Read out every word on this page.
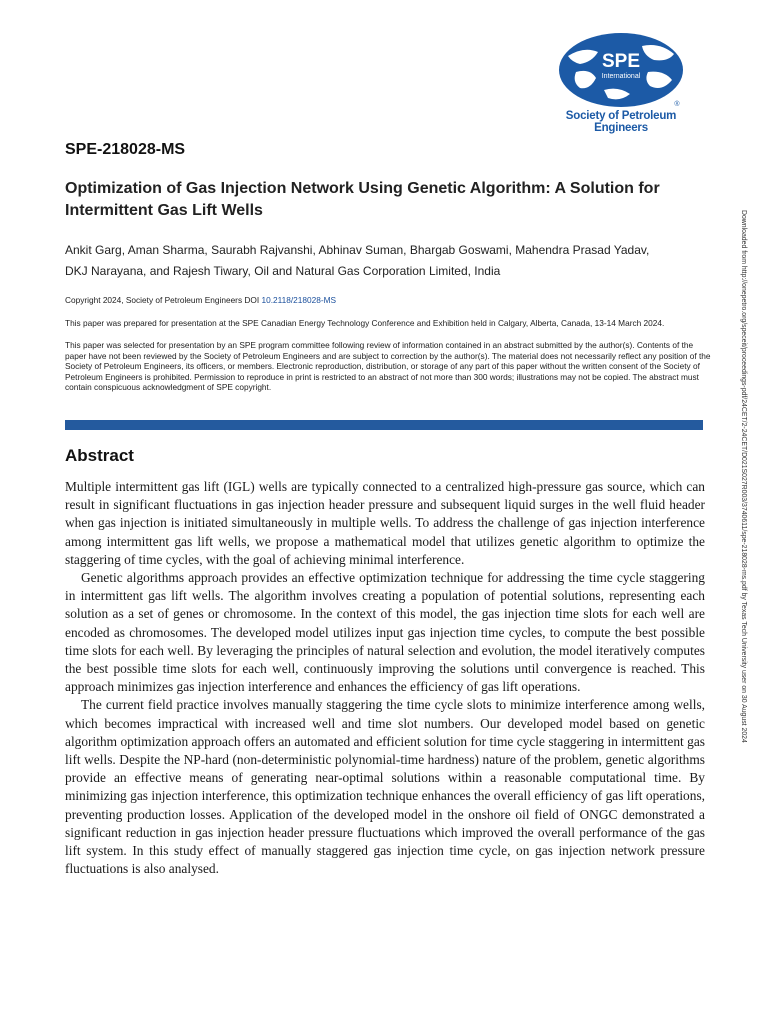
SPE
International
®
Society of Petroleum Engineers
SPE-218028-MS
Optimization of Gas Injection Network Using Genetic Algorithm: A Solution for Intermittent Gas Lift Wells
Ankit Garg, Aman Sharma, Saurabh Rajvanshi, Abhinav Suman, Bhargab Goswami, Mahendra Prasad Yadav,
DKJ Narayana, and Rajesh Tiwary, Oil and Natural Gas Corporation Limited, India
Copyright 2024, Society of Petroleum Engineers DOI 10.2118/218028-MS
This paper was prepared for presentation at the SPE Canadian Energy Technology Conference and Exhibition held in Calgary, Alberta, Canada, 13-14 March 2024.
This paper was selected for presentation by an SPE program committee following review of information contained in an abstract submitted by the author(s). Contents of the paper have not been reviewed by the Society of Petroleum Engineers and are subject to correction by the author(s). The material does not necessarily reflect any position of the Society of Petroleum Engineers, its officers, or members. Electronic reproduction, distribution, or storage of any part of this paper without the written consent of the Society of Petroleum Engineers is prohibited. Permission to reproduce in print is restricted to an abstract of not more than 300 words; illustrations may not be copied. The abstract must contain conspicuous acknowledgment of SPE copyright.
Abstract

Multiple intermittent gas lift (IGL) wells are typically connected to a centralized high-pressure gas source, which can result in significant fluctuations in gas injection header pressure and subsequent liquid surges in the well fluid header when gas injection is initiated simultaneously in multiple wells. To address the challenge of gas injection interference among intermittent gas lift wells, we propose a mathematical model that utilizes genetic algorithm to optimize the staggering of time cycles, with the goal of achieving minimal interference.

Genetic algorithms approach provides an effective optimization technique for addressing the time cycle staggering in intermittent gas lift wells. The algorithm involves creating a population of potential solutions, representing each solution as a set of genes or chromosome. In the context of this model, the gas injection time slots for each well are encoded as chromosomes. The developed model utilizes input gas injection time cycles, to compute the best possible time slots for each well. By leveraging the principles of natural selection and evolution, the model iteratively computes the best possible time slots for each well, continuously improving the solutions until convergence is reached. This approach minimizes gas injection interference and enhances the efficiency of gas lift operations.

The current field practice involves manually staggering the time cycle slots to minimize interference among wells, which becomes impractical with increased well and time slot numbers. Our developed model based on genetic algorithm optimization approach offers an automated and efficient solution for time cycle staggering in intermittent gas lift wells. Despite the NP-hard (non-deterministic polynomial-time hardness) nature of the problem, genetic algorithms provide an effective means of generating near-optimal solutions within a reasonable computational time. By minimizing gas injection interference, this optimization technique enhances the overall efficiency of gas lift operations, preventing production losses. Application of the developed model in the onshore oil field of ONGC demonstrated a significant reduction in gas injection header pressure fluctuations which improved the overall performance of the gas lift system. In this study effect of manually staggered gas injection time cycle, on gas injection network pressure fluctuations is also analysed.

Downloaded from http://onepetro.org/speceit/proceedings-pdf/24CET/2-24CET/D021S027R003/3740611/spe-218028-ms.pdf by Texas Tech University user on 30 August 2024
